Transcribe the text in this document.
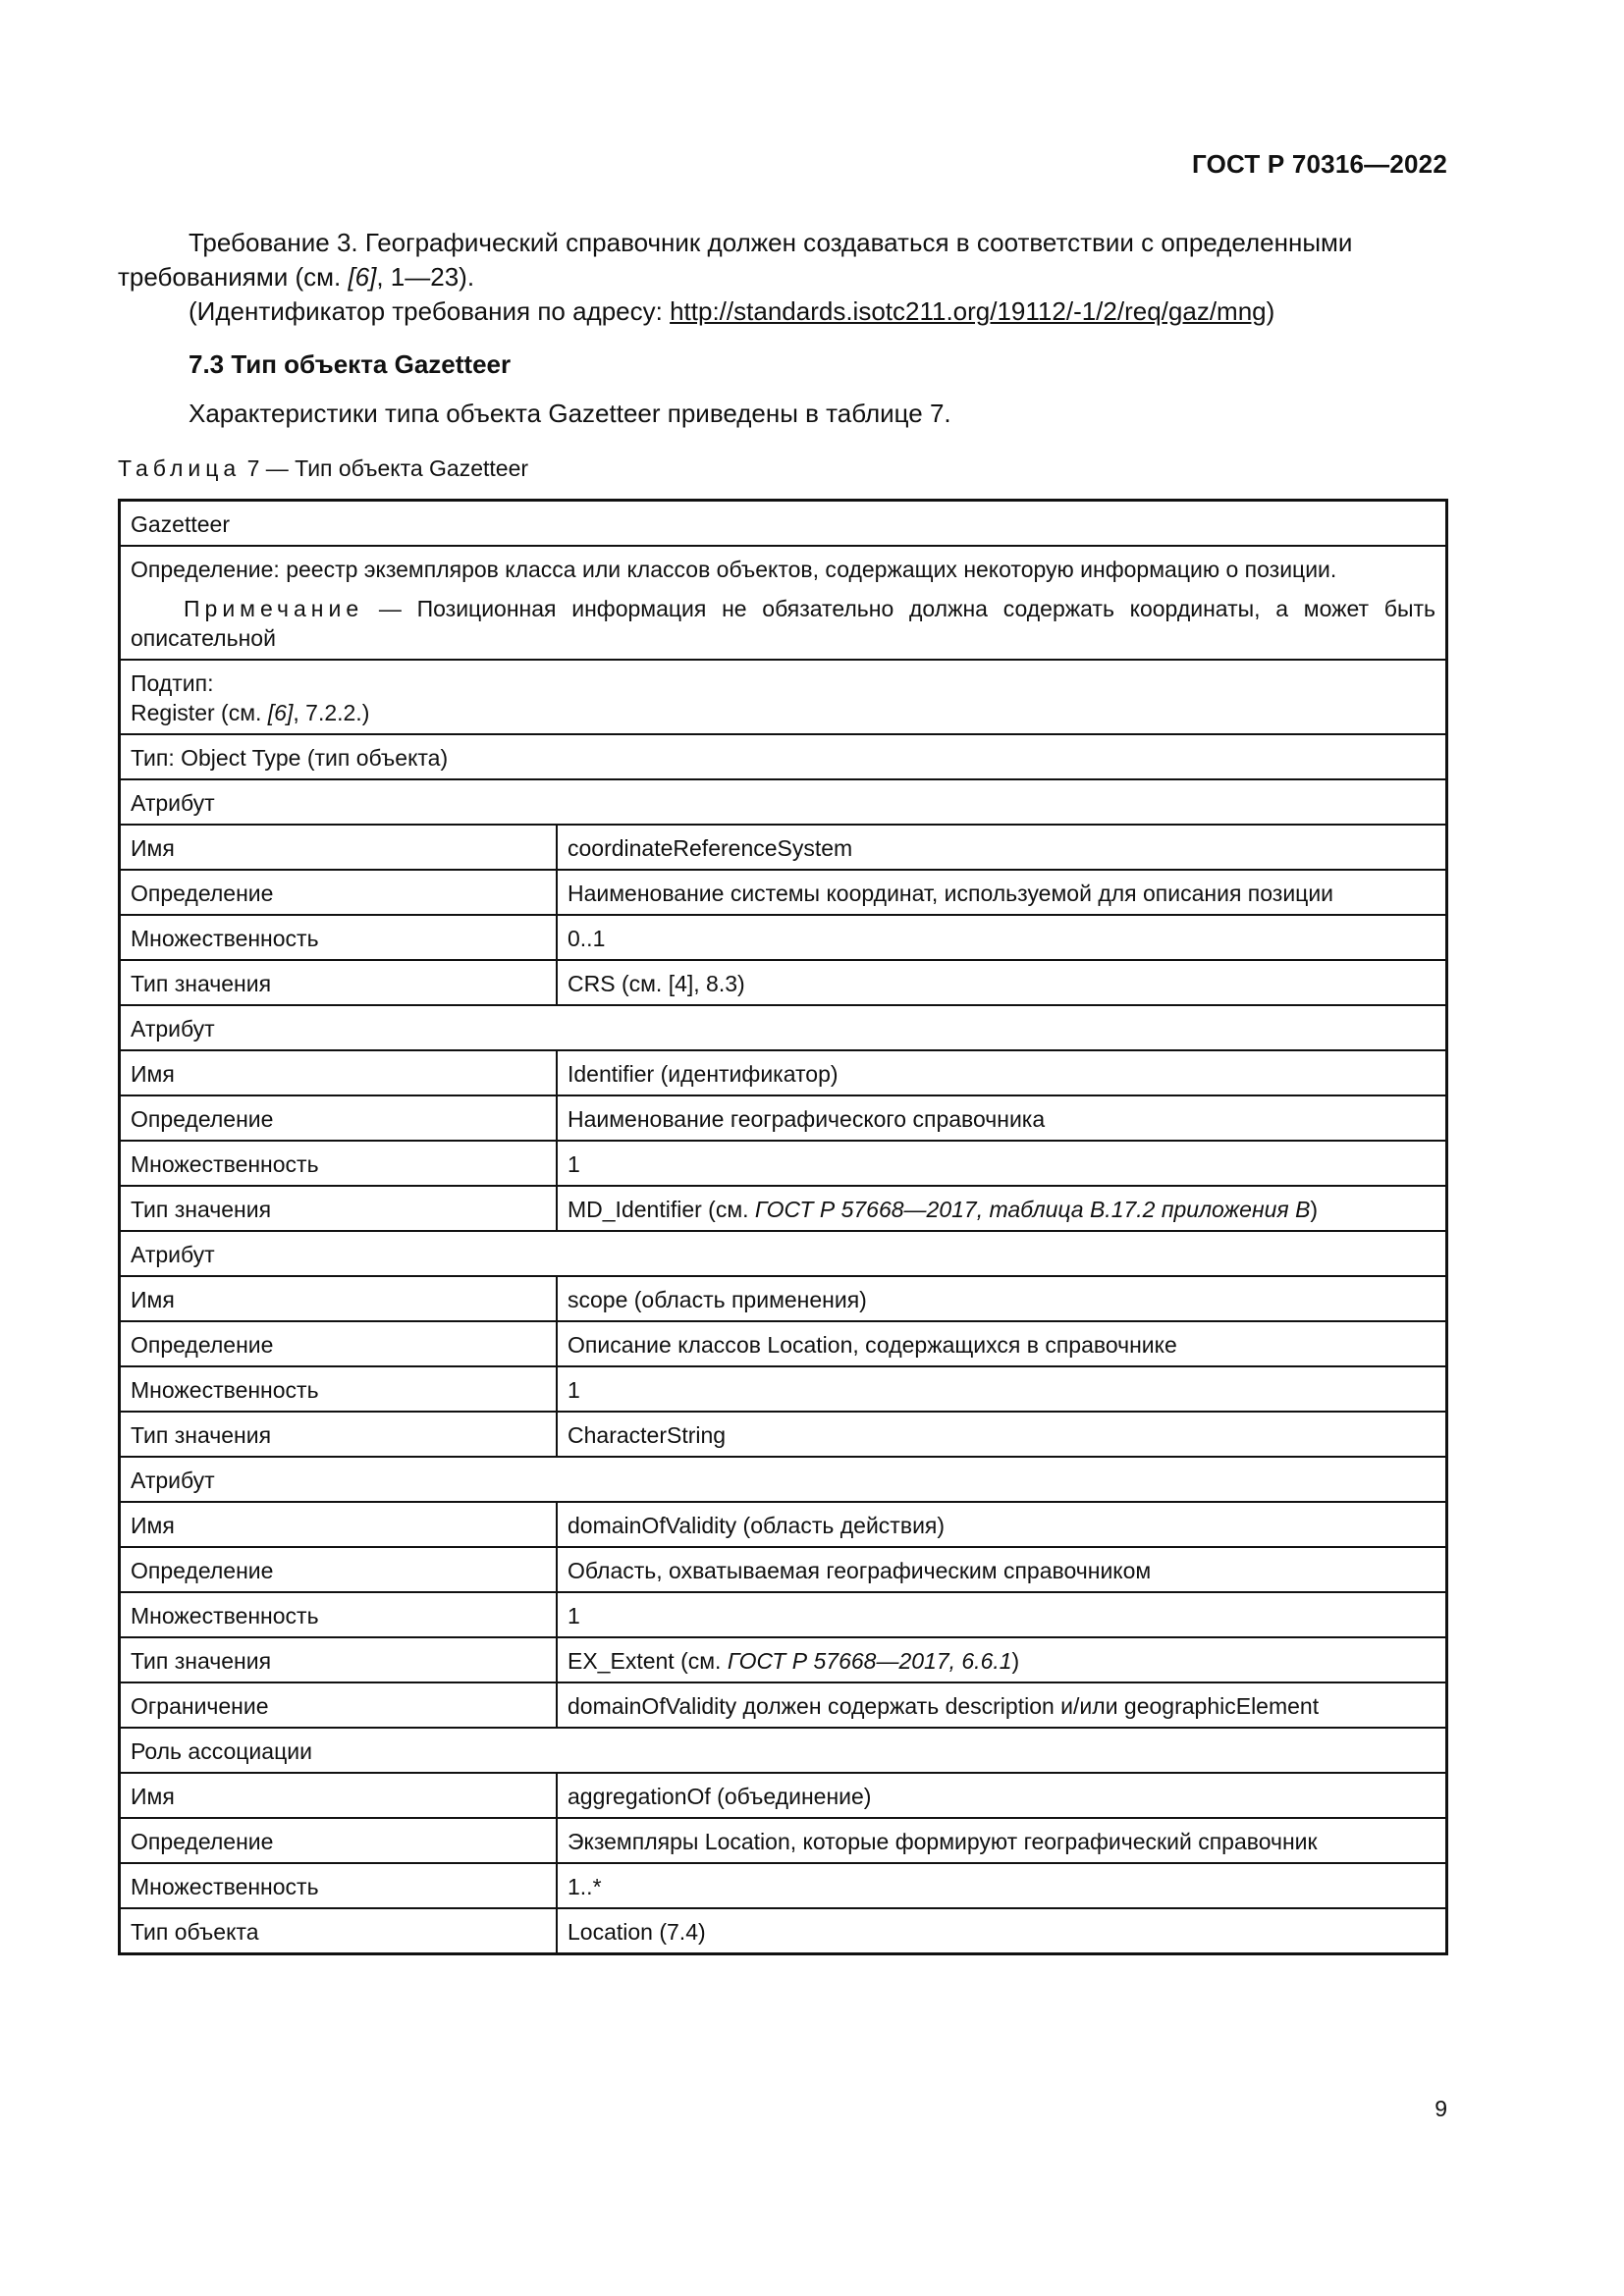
ГОСТ Р 70316—2022

Требование 3. Географический справочник должен создаваться в соответствии с определенными требованиями (см. [6], 1—23).

(Идентификатор требования по адресу: http://standards.isotc211.org/19112/-1/2/req/gaz/mng)

7.3 Тип объекта Gazetteer
Характеристики типа объекта Gazetteer приведены в таблице 7.
Таблица 7 — Тип объекта Gazetteer
Gazetteer	

Определение: реестр экземпляров класса или классов объектов, содержащих некоторую информацию о позиции.
Примечание — Позиционная информация не обязательно должна содержать координаты, а может быть описательной	

Подтип:
Register (см. [6], 7.2.2.)	

Тип: Object Type (тип объекта)	
Атрибут	
Имя	coordinateReferenceSystem
Определение	Наименование системы координат, используемой для описания позиции
Множественность	0..1
Тип значения	CRS (см. [4], 8.3)
Атрибут	
Имя	Identifier (идентификатор)
Определение	Наименование географического справочника
Множественность	1
Тип значения	MD_Identifier (см. ГОСТ Р 57668—2017, таблица B.17.2 приложения B)
Атрибут	
Имя	scope (область применения)
Определение	Описание классов Location, содержащихся в справочнике
Множественность	1
Тип значения	CharacterString
Атрибут	
Имя	domainOfValidity (область действия)
Определение	Область, охватываемая географическим справочником
Множественность	1
Тип значения	EX_Extent (см. ГОСТ Р 57668—2017, 6.6.1)
Ограничение	domainOfValidity должен содержать description и/или geographicElement
Роль ассоциации	
Имя	aggregationOf (объединение)
Определение	Экземпляры Location, которые формируют географический справочник
Множественность	1..*
Тип объекта	Location (7.4)
9
